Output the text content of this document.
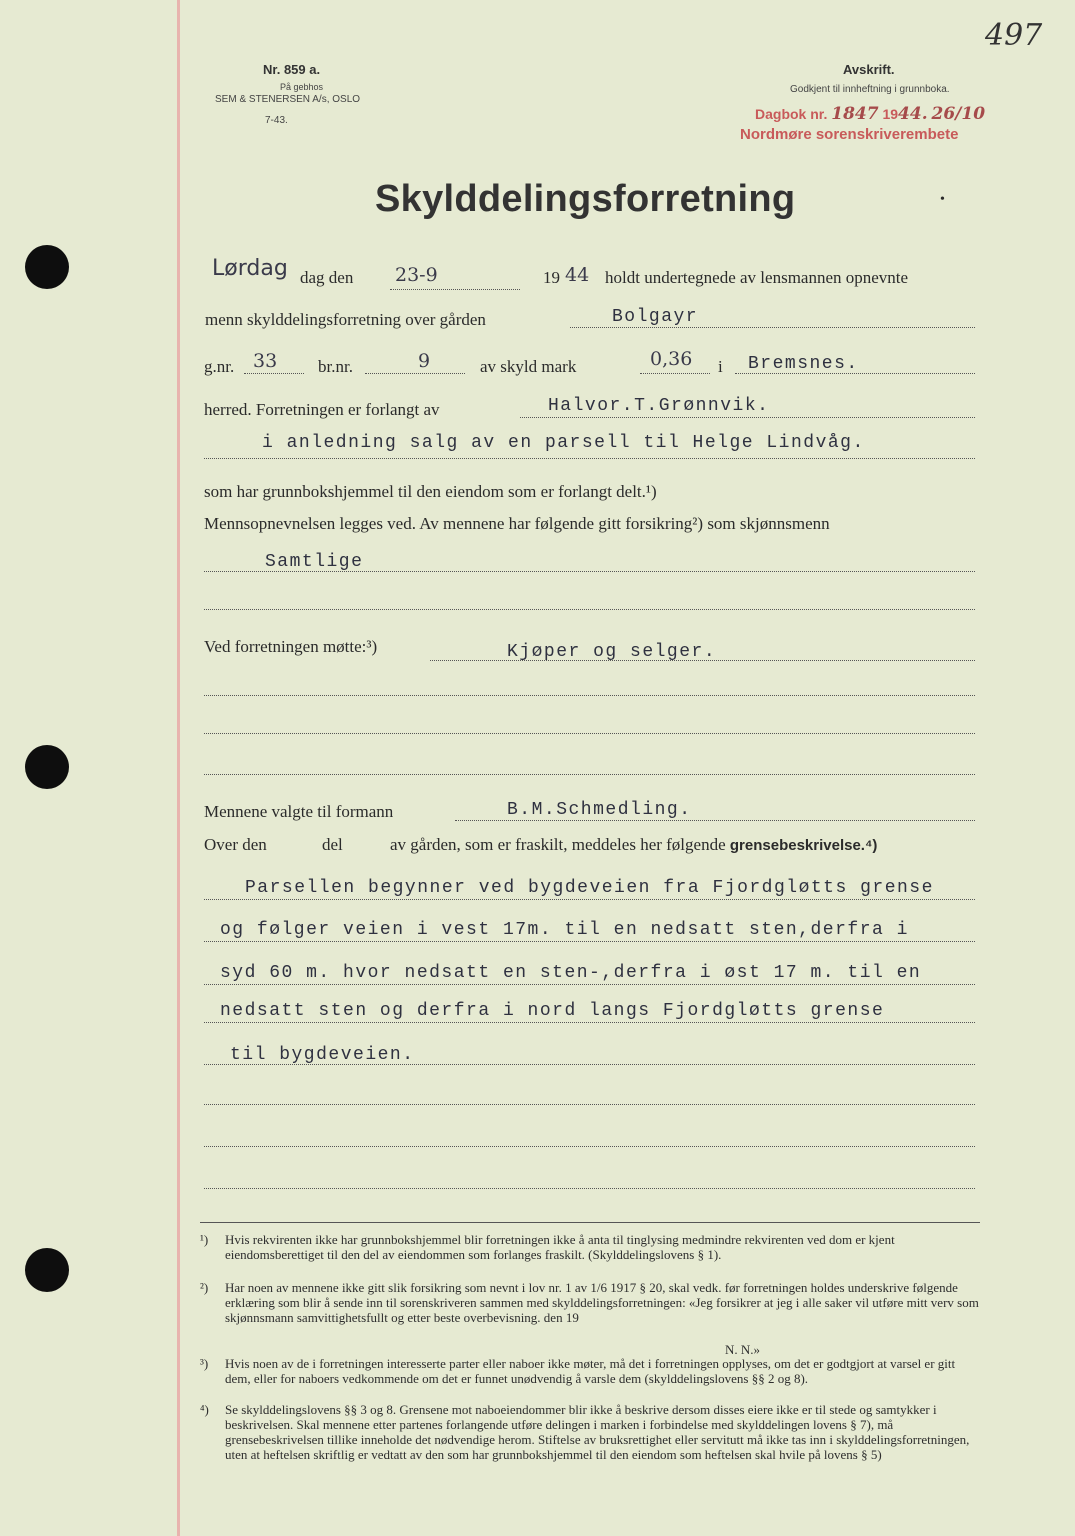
Nr. 859 a.
På gebhos
SEM & STENERSEN A/s, OSLO
7-43.
Avskrift.
Godkjent til innheftning i grunnboka.
Dagbok nr. 1847 1944. 26/10
Nordmøre sorenskriverembete
497
Skylddelingsforretning	•
Lørdag dag den 23-9	19 44 holdt undertegnede av lensmannen opnevnte
menn skylddelingsforretning over gården	Bolgayr
g.nr. 33 br.nr.	9	av skyld mark	0,36 i Bremsnes.
herred. Forretningen er forlangt av	Halvor.T.Grønnvik.
i anledning salg av en parsell til Helge Lindvåg.
som har grunnbokshjemmel til den eiendom som er forlangt delt.¹)
Mennsopnevnelsen legges ved. Av mennene har følgende gitt forsikring²) som skjønnsmenn
Samtlige
Ved forretningen møtte:³)	Kjøper og selger.
Mennene valgte til formann	B.M.Schmedling.
Over den	del	av gården, som er fraskilt, meddeles her følgende grensebeskrivelse.⁴)
Parsellen begynner ved bygdeveien fra Fjordgløtts grense
og følger veien i vest 17m. til en nedsatt sten,derfra i
syd 60 m. hvor nedsatt en sten-,derfra i øst 17 m. til en
nedsatt sten og derfra i nord langs Fjordgløtts grense
til bygdeveien.
¹) Hvis rekvirenten ikke har grunnbokshjemmel blir forretningen ikke å anta til tinglysing medmindre rekvirenten ved dom er kjent eiendomsberettiget til den del av eiendommen som forlanges fraskilt. (Skylddelingslovens § 1).
²) Har noen av mennene ikke gitt slik forsikring som nevnt i lov nr. 1 av 1/6 1917 § 20, skal vedk. før forretningen holdes underskrive følgende erklæring som blir å sende inn til sorenskriveren sammen med skylddelingsforretningen: «Jeg forsikrer at jeg i alle saker vil utføre mitt verv som skjønnsmann samvittighetsfullt og etter beste overbevisning. den 19
N. N.»
³) Hvis noen av de i forretningen interesserte parter eller naboer ikke møter, må det i forretningen opplyses, om det er godtgjort at varsel er gitt dem, eller for naboers vedkommende om det er funnet unødvendig å varsle dem (skylddelingslovens §§ 2 og 8).
⁴) Se skylddelingslovens §§ 3 og 8. Grensene mot naboeiendommer blir ikke å beskrive dersom disses eiere ikke er til stede og samtykker i beskrivelsen. Skal mennene etter partenes forlangende utføre delingen i marken i forbindelse med skylddelingen lovens § 7), må grensebeskrivelsen tillike inneholde det nødvendige herom. Stiftelse av bruksrettighet eller servitutt må ikke tas inn i skylddelingsforretningen, uten at heftelsen skriftlig er vedtatt av den som har grunnbokshjemmel til den eiendom som heftelsen skal hvile på lovens § 5)
